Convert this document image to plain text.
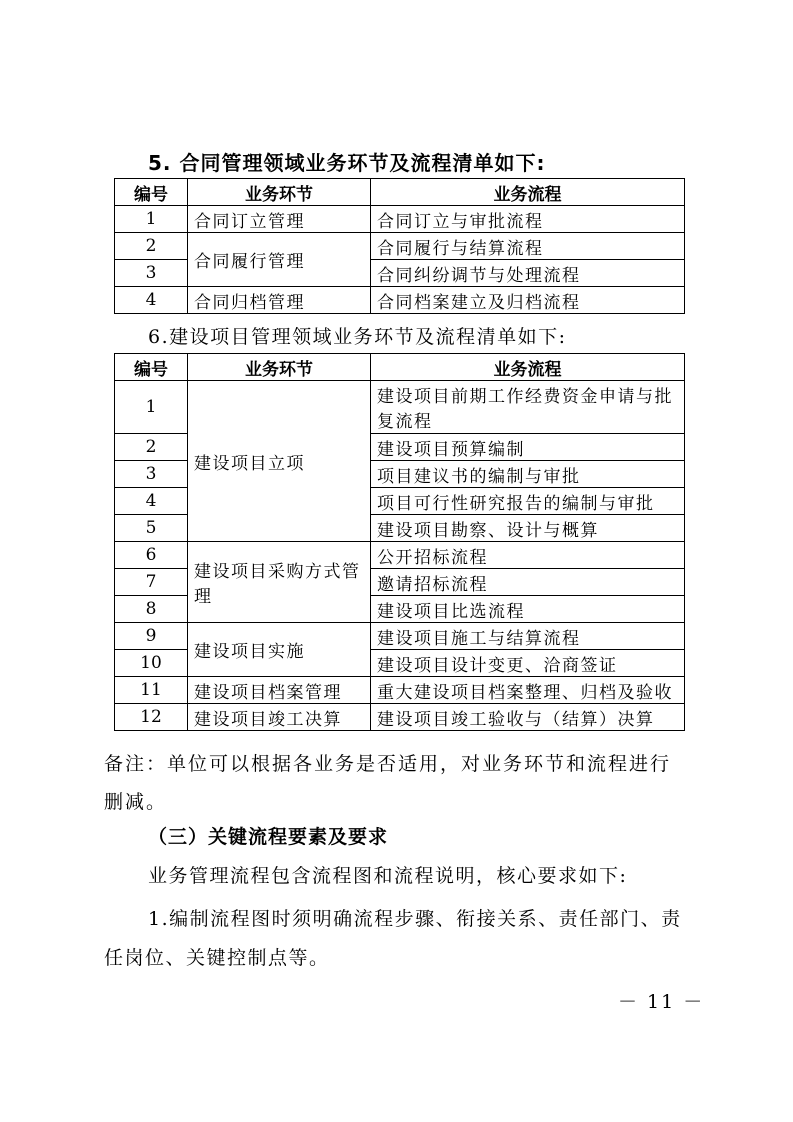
5. 合同管理领域业务环节及流程清单如下:
编号	业务环节	业务流程
1	合同订立管理	合同订立与审批流程
2	合同履行管理	合同履行与结算流程
3		合同纠纷调节与处理流程
4	合同归档管理	合同档案建立及归档流程
6.建设项目管理领域业务环节及流程清单如下:
编号	业务环节	业务流程
1	建设项目立项	建设项目前期工作经费资金申请与批复流程
2		建设项目预算编制
3		项目建议书的编制与审批
4		项目可行性研究报告的编制与审批
5		建设项目勘察、设计与概算
6	建设项目采购方式管理	公开招标流程
7		邀请招标流程
8		建设项目比选流程
9	建设项目实施	建设项目施工与结算流程
10		建设项目设计变更、洽商签证
11	建设项目档案管理	重大建设项目档案整理、归档及验收
12	建设项目竣工决算	建设项目竣工验收与（结算）决算
备注：单位可以根据各业务是否适用，对业务环节和流程进行删减。
（三）关键流程要素及要求
业务管理流程包含流程图和流程说明，核心要求如下:
1.编制流程图时须明确流程步骤、衔接关系、责任部门、责任岗位、关键控制点等。
－ 11 －
